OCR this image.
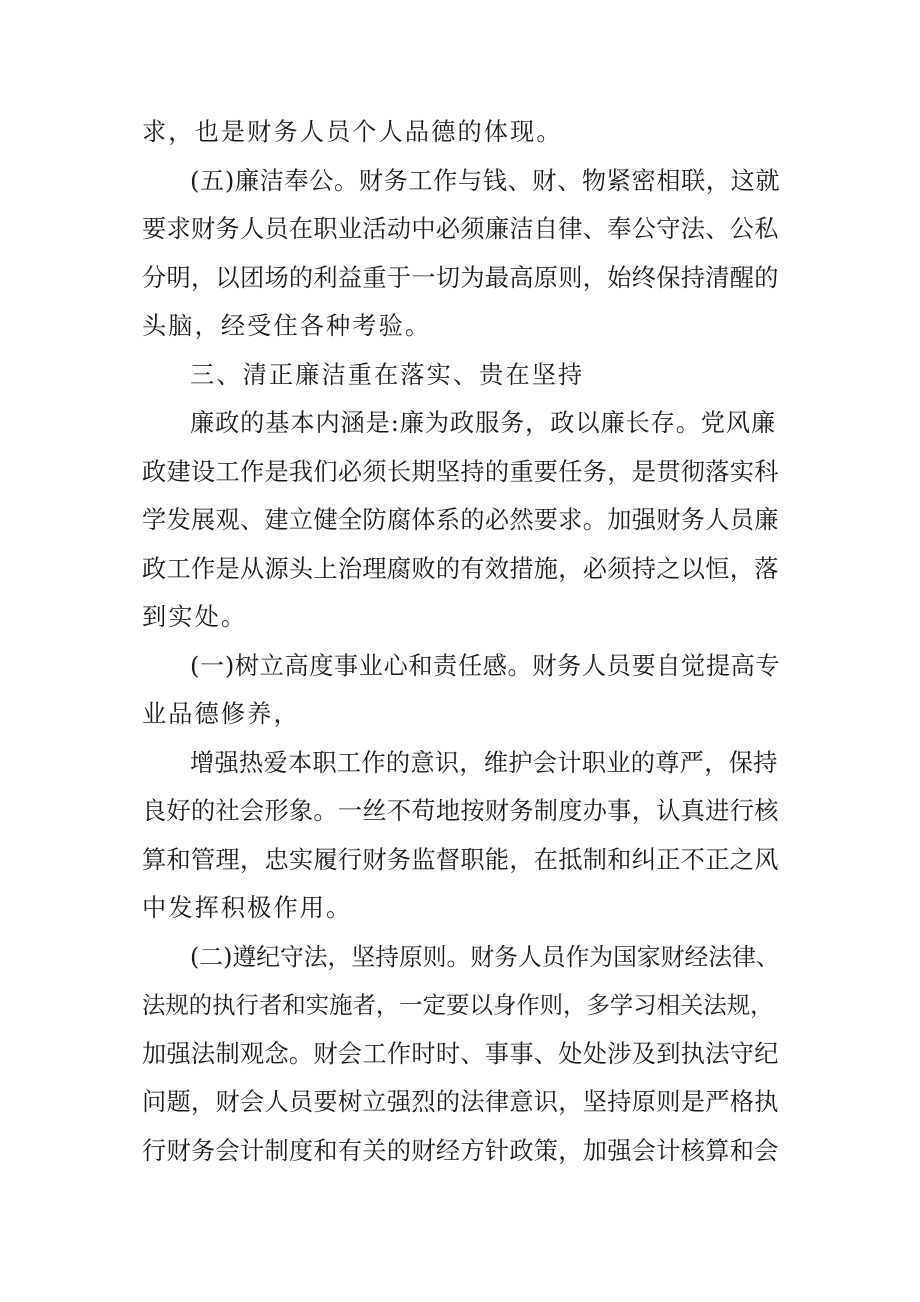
求，也是财务人员个人品德的体现。
(五)廉洁奉公。财务工作与钱、财、物紧密相联，这就
要求财务人员在职业活动中必须廉洁自律、奉公守法、公私
分明，以团场的利益重于一切为最高原则，始终保持清醒的
头脑，经受住各种考验。
三、清正廉洁重在落实、贵在坚持
廉政的基本内涵是:廉为政服务，政以廉长存。党风廉
政建设工作是我们必须长期坚持的重要任务，是贯彻落实科
学发展观、建立健全防腐体系的必然要求。加强财务人员廉
政工作是从源头上治理腐败的有效措施，必须持之以恒，落
到实处。
(一)树立高度事业心和责任感。财务人员要自觉提高专
业品德修养，
增强热爱本职工作的意识，维护会计职业的尊严，保持
良好的社会形象。一丝不苟地按财务制度办事，认真进行核
算和管理，忠实履行财务监督职能，在抵制和纠正不正之风
中发挥积极作用。
(二)遵纪守法，坚持原则。财务人员作为国家财经法律、
法规的执行者和实施者，一定要以身作则，多学习相关法规，
加强法制观念。财会工作时时、事事、处处涉及到执法守纪
问题，财会人员要树立强烈的法律意识，坚持原则是严格执
行财务会计制度和有关的财经方针政策，加强会计核算和会
